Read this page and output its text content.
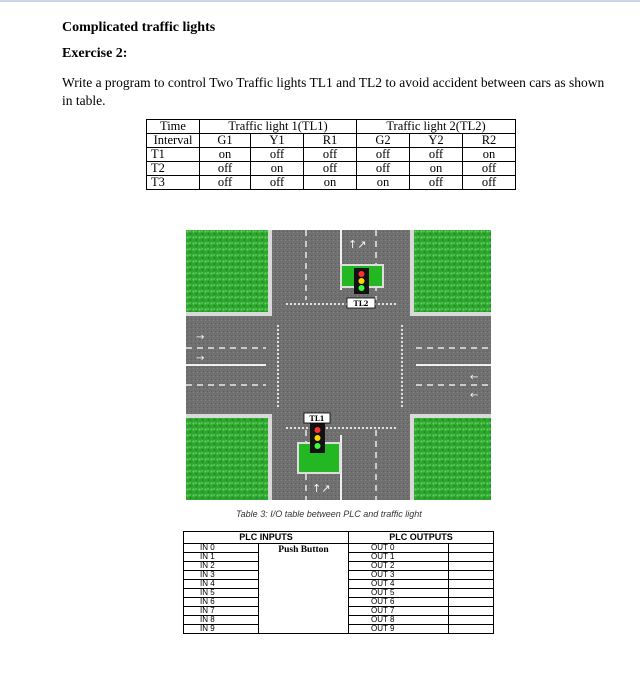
Complicated traffic lights
Exercise 2:
Write a program to control Two Traffic lights TL1 and TL2 to avoid accident between cars as shown in table.
Time	Traffic light 1(TL1)			Traffic light 2(TL2)		
Interval	G1	Y1	R1	G2	Y2	R2
T1	on	off	off	off	off	on
T2	off	on	off	off	on	off
T3	off	off	on	on	off	off
↑↗
↑↗
→
→
←
←
TL2
TL1
Table 3: I/O table between PLC and traffic light
PLC INPUTS		PLC OUTPUTS	
IN 0	Push Button	OUT 0	
IN 1		OUT 1	
IN 2		OUT 2	
IN 3		OUT 3	
IN 4		OUT 4	
IN 5		OUT 5	
IN 6		OUT 6	
IN 7		OUT 7	
IN 8		OUT 8	
IN 9		OUT 9	
